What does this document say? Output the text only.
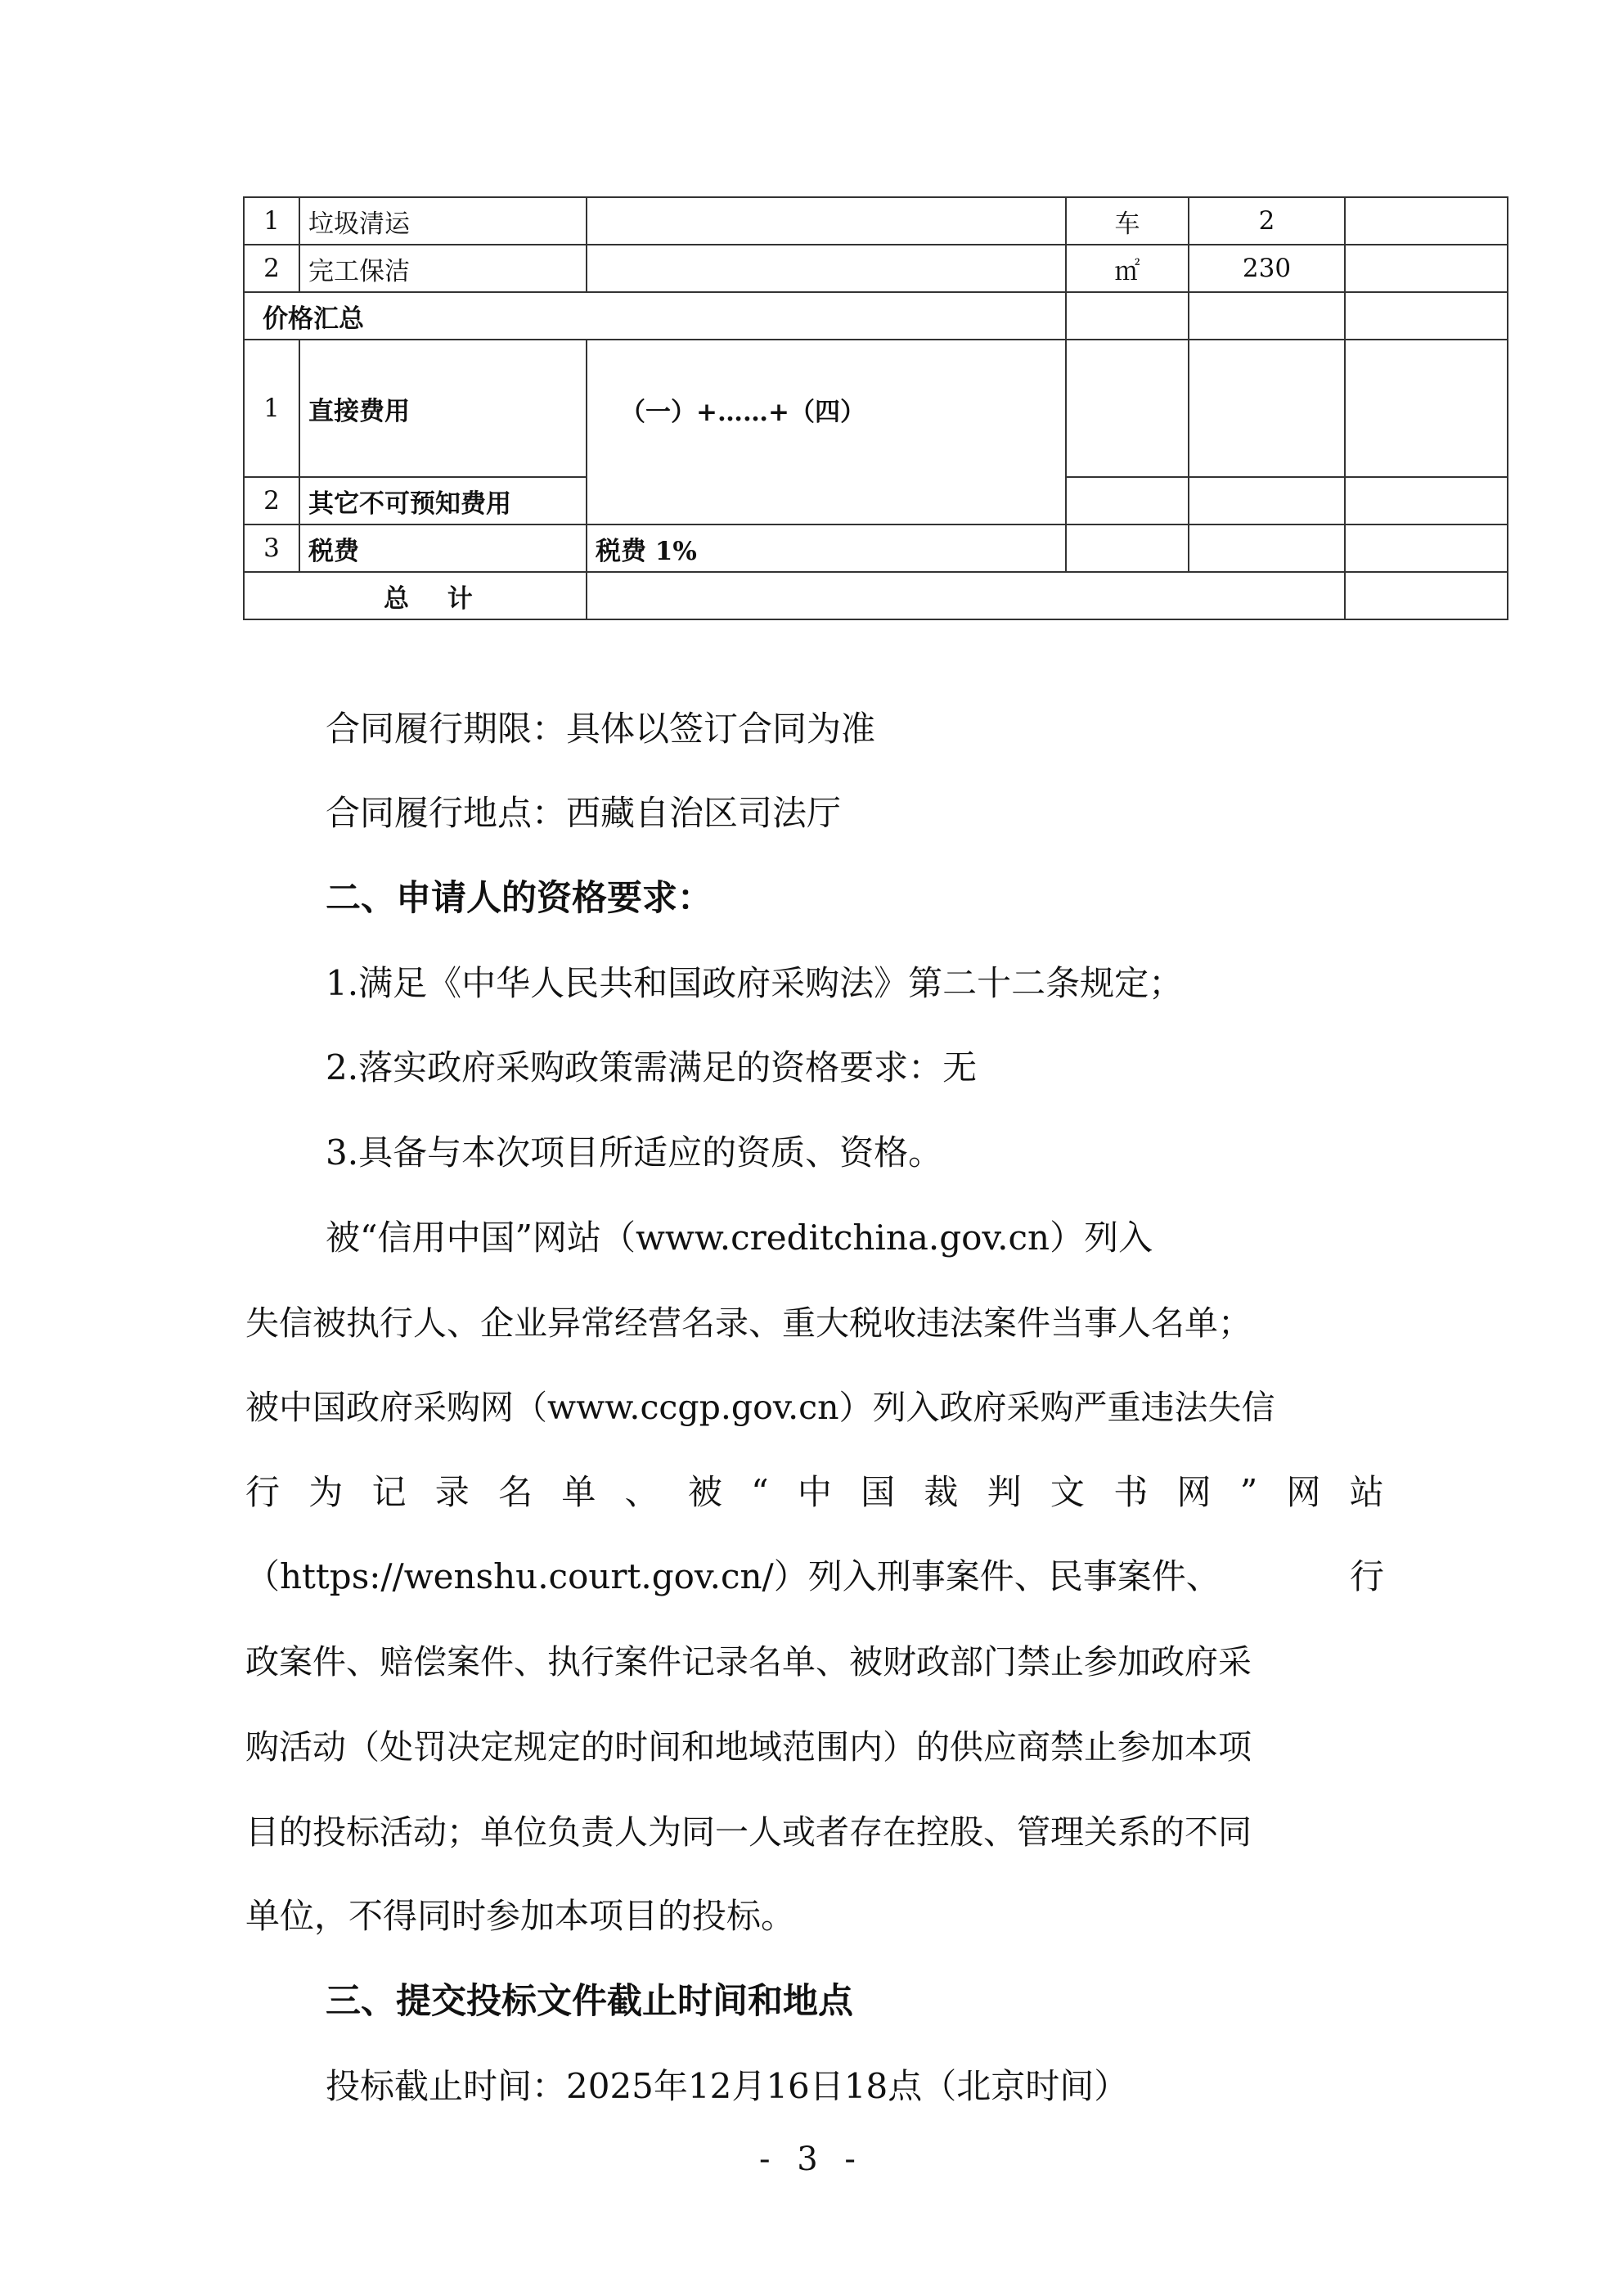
1	垃圾清运		车	2	
2	完工保洁		㎡	230	
价格汇总					
1	直接费用	（一）+……+（四）			
2	其它不可预知费用				
3	税费	税费 1%			
总 计					
合同履行期限：具体以签订合同为准
合同履行地点：西藏自治区司法厅
二、申请人的资格要求：
1.满足《中华人民共和国政府采购法》第二十二条规定；
2.落实政府采购政策需满足的资格要求：无
3.具备与本次项目所适应的资质、资格。
被“信用中国”网站（www.creditchina.gov.cn）列入
失信被执行人、企业异常经营名录、重大税收违法案件当事人名单；
被中国政府采购网（www.ccgp.gov.cn）列入政府采购严重违法失信
行 为 记 录 名 单 、 被 “ 中 国 裁 判 文 书 网 ” 网 站
（https://wenshu.court.gov.cn/）列入刑事案件、民事案件、	行
政案件、赔偿案件、执行案件记录名单、被财政部门禁止参加政府采
购活动（处罚决定规定的时间和地域范围内）的供应商禁止参加本项
目的投标活动；单位负责人为同一人或者存在控股、管理关系的不同
单位，不得同时参加本项目的投标。
三、提交投标文件截止时间和地点
投标截止时间：2025年12月16日18点（北京时间）
- 3 -
